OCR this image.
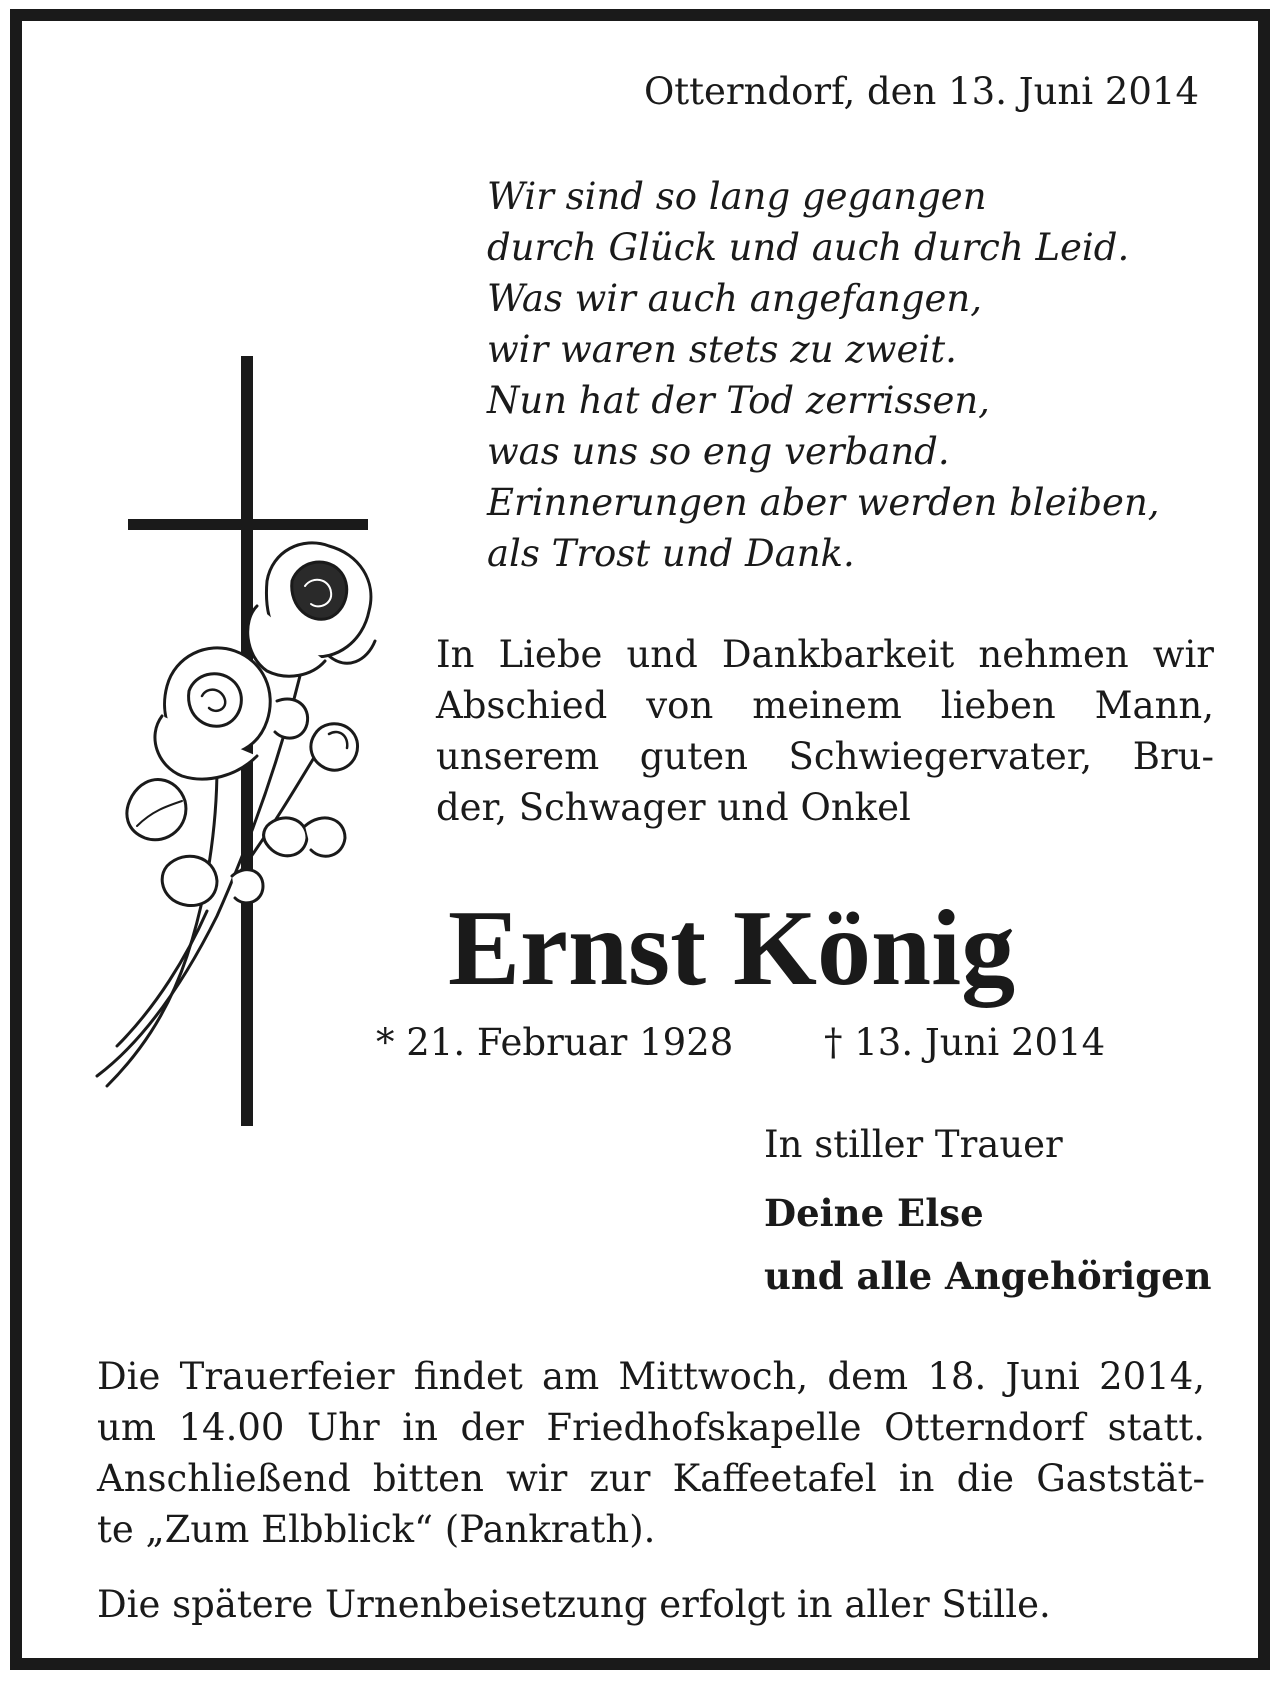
Otterndorf, den 13. Juni 2014

Wir sind so lang gegangen
durch Glück und auch durch Leid.
Was wir auch angefangen,
wir waren stets zu zweit.
Nun hat der Tod zerrissen,
was uns so eng verband.
Erinnerungen aber werden bleiben,
als Trost und Dank.
In Liebe und Dankbarkeit nehmen wir
Abschied von meinem lieben Mann,
unserem guten Schwiegervater, Bru-
der, Schwager und Onkel
Ernst König

* 21. Februar 1928 † 13. Juni 2014

In stiller Trauer

Deine Else

und alle Angehörigen

Die Trauerfeier findet am Mittwoch, dem 18. Juni 2014,
um 14.00 Uhr in der Friedhofskapelle Otterndorf statt.
Anschließend bitten wir zur Kaffeetafel in die Gaststät-
te „Zum Elbblick“ (Pankrath).

Die spätere Urnenbeisetzung erfolgt in aller Stille.
